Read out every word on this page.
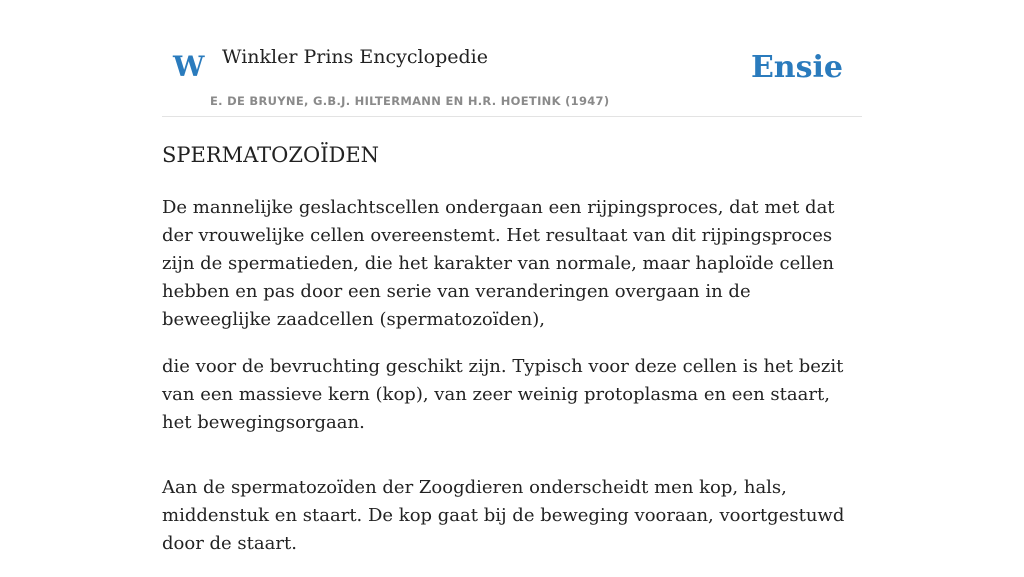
W Winkler Prins Encyclopedie
E. DE BRUYNE, G.B.J. HILTERMANN EN H.R. HOETINK (1947)
Ensie
SPERMATOZOÏDEN

De mannelijke geslachtscellen ondergaan een rijpingsproces, dat met dat der vrouwelijke cellen overeenstemt. Het resultaat van dit rijpingsproces zijn de spermatieden, die het karakter van normale, maar haploïde cellen hebben en pas door een serie van veranderingen overgaan in de beweeglijke zaadcellen (spermatozoïden),

die voor de bevruchting geschikt zijn. Typisch voor deze cellen is het bezit van een massieve kern (kop), van zeer weinig protoplasma en een staart, het bewegingsorgaan.

Aan de spermatozoïden der Zoogdieren onderscheidt men kop, hals, middenstuk en staart. De kop gaat bij de beweging vooraan, voortgestuwd door de staart.
